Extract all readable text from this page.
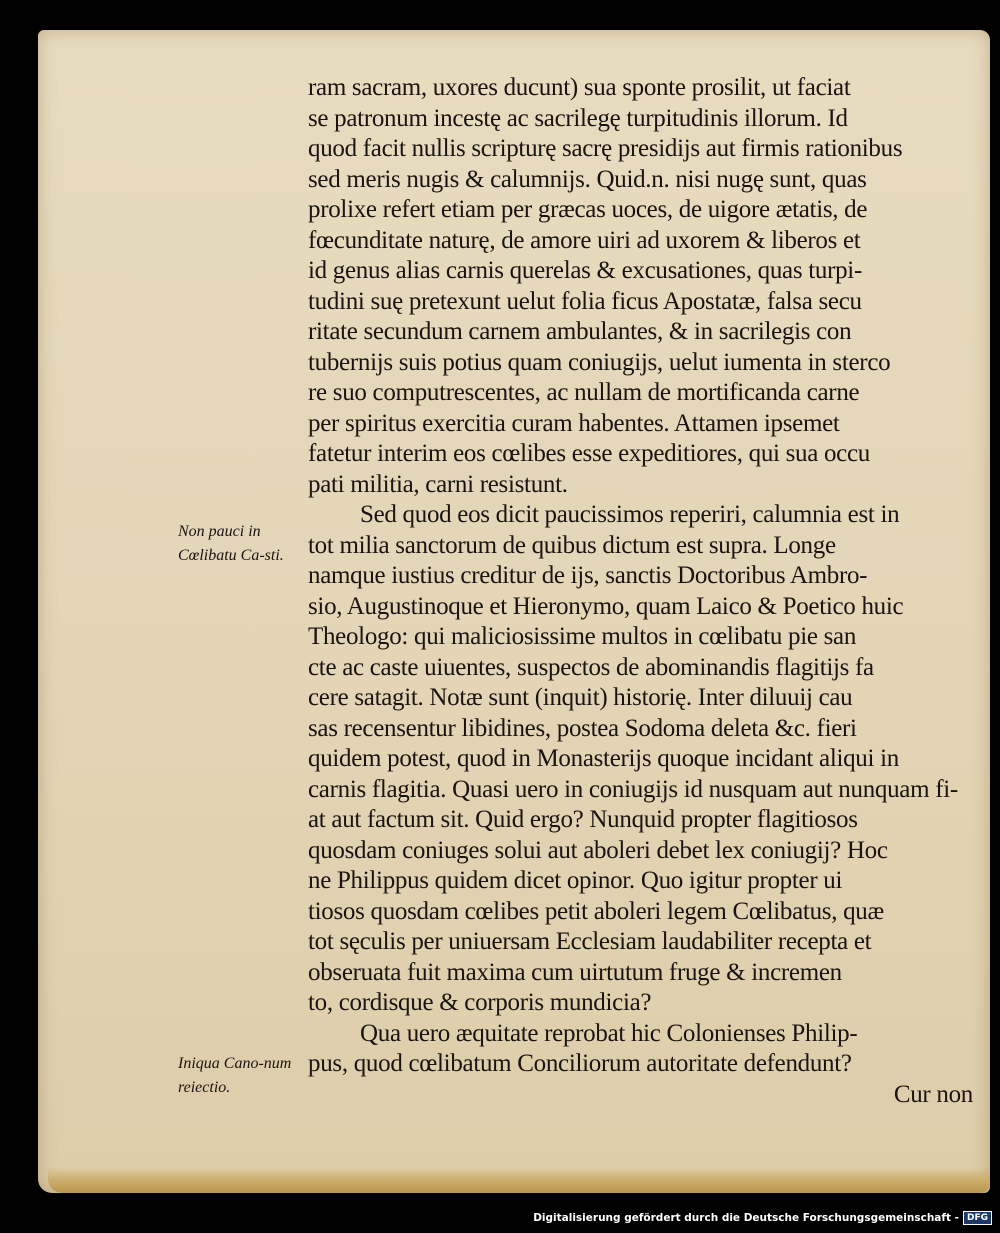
ram sacram, uxores ducunt) sua sponte prosilit, ut faciat
se patronum incestę ac sacrilegę turpitudinis illorum. Id
quod facit nullis scripturę sacrę presidijs aut firmis rationibus
sed meris nugis & calumnijs. Quid.n. nisi nugę sunt, quas
prolixe refert etiam per græcas uoces, de uigore ætatis, de
fœcunditate naturę, de amore uiri ad uxorem & liberos et
id genus alias carnis querelas & excusationes, quas turpi-
tudini suę pretexunt uelut folia ficus Apostatæ, falsa secu
ritate secundum carnem ambulantes, & in sacrilegis con
tubernijs suis potius quam coniugijs, uelut iumenta in sterco
re suo computrescentes, ac nullam de mortificanda carne
per spiritus exercitia curam habentes. Attamen ipsemet
fatetur interim eos cœlibes esse expeditiores, qui sua occu
pati militia, carni resistunt.
Sed quod eos dicit paucissimos reperiri, calumnia est in
tot milia sanctorum de quibus dictum est supra. Longe
namque iustius creditur de ijs, sanctis Doctoribus Ambro-
sio, Augustinoque et Hieronymo, quam Laico & Poetico huic
Theologo: qui maliciosissime multos in cœlibatu pie san
cte ac caste uiuentes, suspectos de abominandis flagitijs fa
cere satagit. Notæ sunt (inquit) historię. Inter diluuij cau
sas recensentur libidines, postea Sodoma deleta &c. fieri
quidem potest, quod in Monasterijs quoque incidant aliqui in
carnis flagitia. Quasi uero in coniugijs id nusquam aut nunquam fi-
at aut factum sit. Quid ergo? Nunquid propter flagitiosos
quosdam coniuges solui aut aboleri debet lex coniugij? Hoc
ne Philippus quidem dicet opinor. Quo igitur propter ui
tiosos quosdam cœlibes petit aboleri legem Cœlibatus, quæ
tot sęculis per uniuersam Ecclesiam laudabiliter recepta et
obseruata fuit maxima cum uirtutum fruge & incremen
to, cordisque & corporis mundicia?
Qua uero æquitate reprobat hic Colonienses Philip-
pus, quod cœlibatum Conciliorum autoritate defendunt?
Cur non
Non pauci in Cœlibatu Ca-sti.
Iniqua Cano-num reiectio.
Digitalisierung gefördert durch die Deutsche Forschungsgemeinschaft - DFG
